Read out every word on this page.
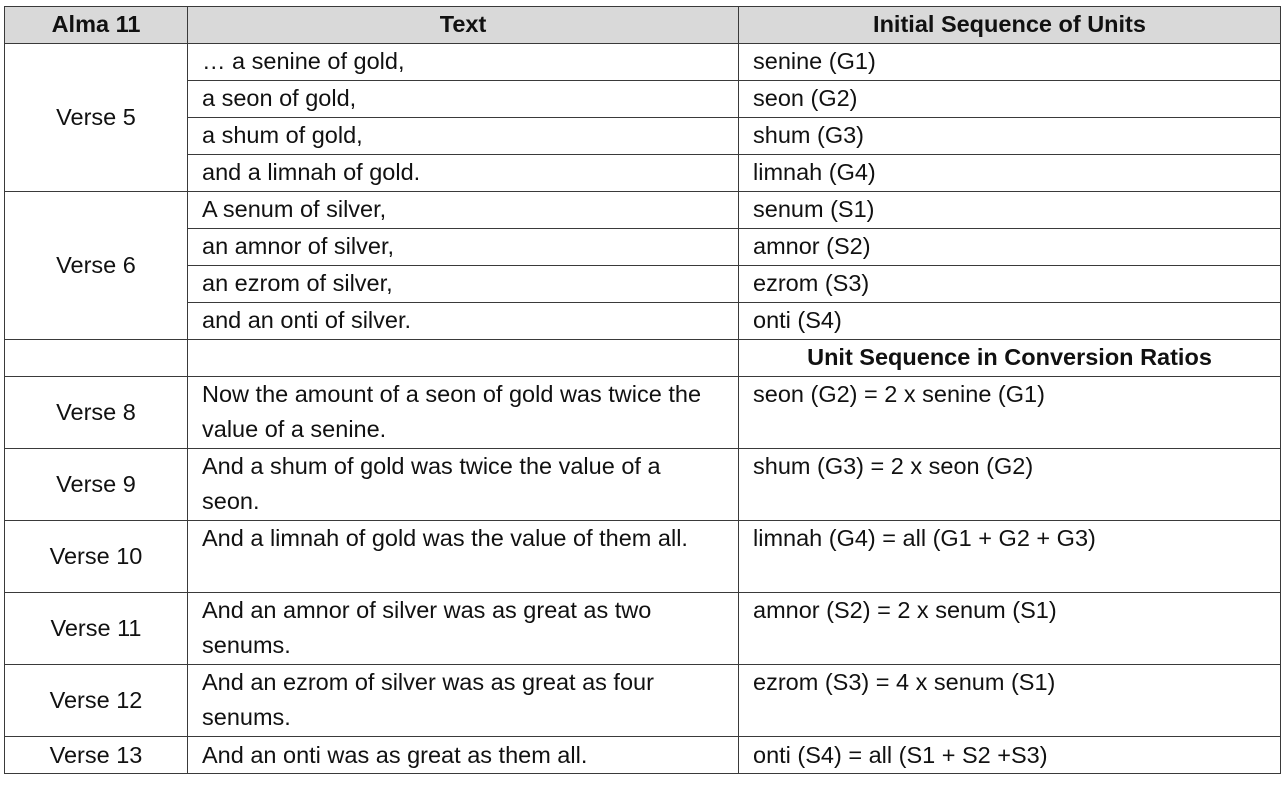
Alma 11	Text	Initial Sequence of Units
Verse 5	… a senine of gold,	senine (G1)
	a seon of gold,	seon (G2)
	a shum of gold,	shum (G3)
	and a limnah of gold.	limnah (G4)
Verse 6	A senum of silver,	senum (S1)
	an amnor of silver,	amnor (S2)
	an ezrom of silver,	ezrom (S3)
	and an onti of silver.	onti (S4)
		Unit Sequence in Conversion Ratios
Verse 8	Now the amount of a seon of gold was twice the value of a senine.	seon (G2) = 2 x senine (G1)
Verse 9	And a shum of gold was twice the value of a seon.	shum (G3) = 2 x seon (G2)
Verse 10	And a limnah of gold was the value of them all.	limnah (G4) = all (G1 + G2 + G3)
Verse 11	And an amnor of silver was as great as two senums.	amnor (S2) = 2 x senum (S1)
Verse 12	And an ezrom of silver was as great as four senums.	ezrom (S3) = 4 x senum (S1)
Verse 13	And an onti was as great as them all.	onti (S4) = all (S1 + S2 +S3)
